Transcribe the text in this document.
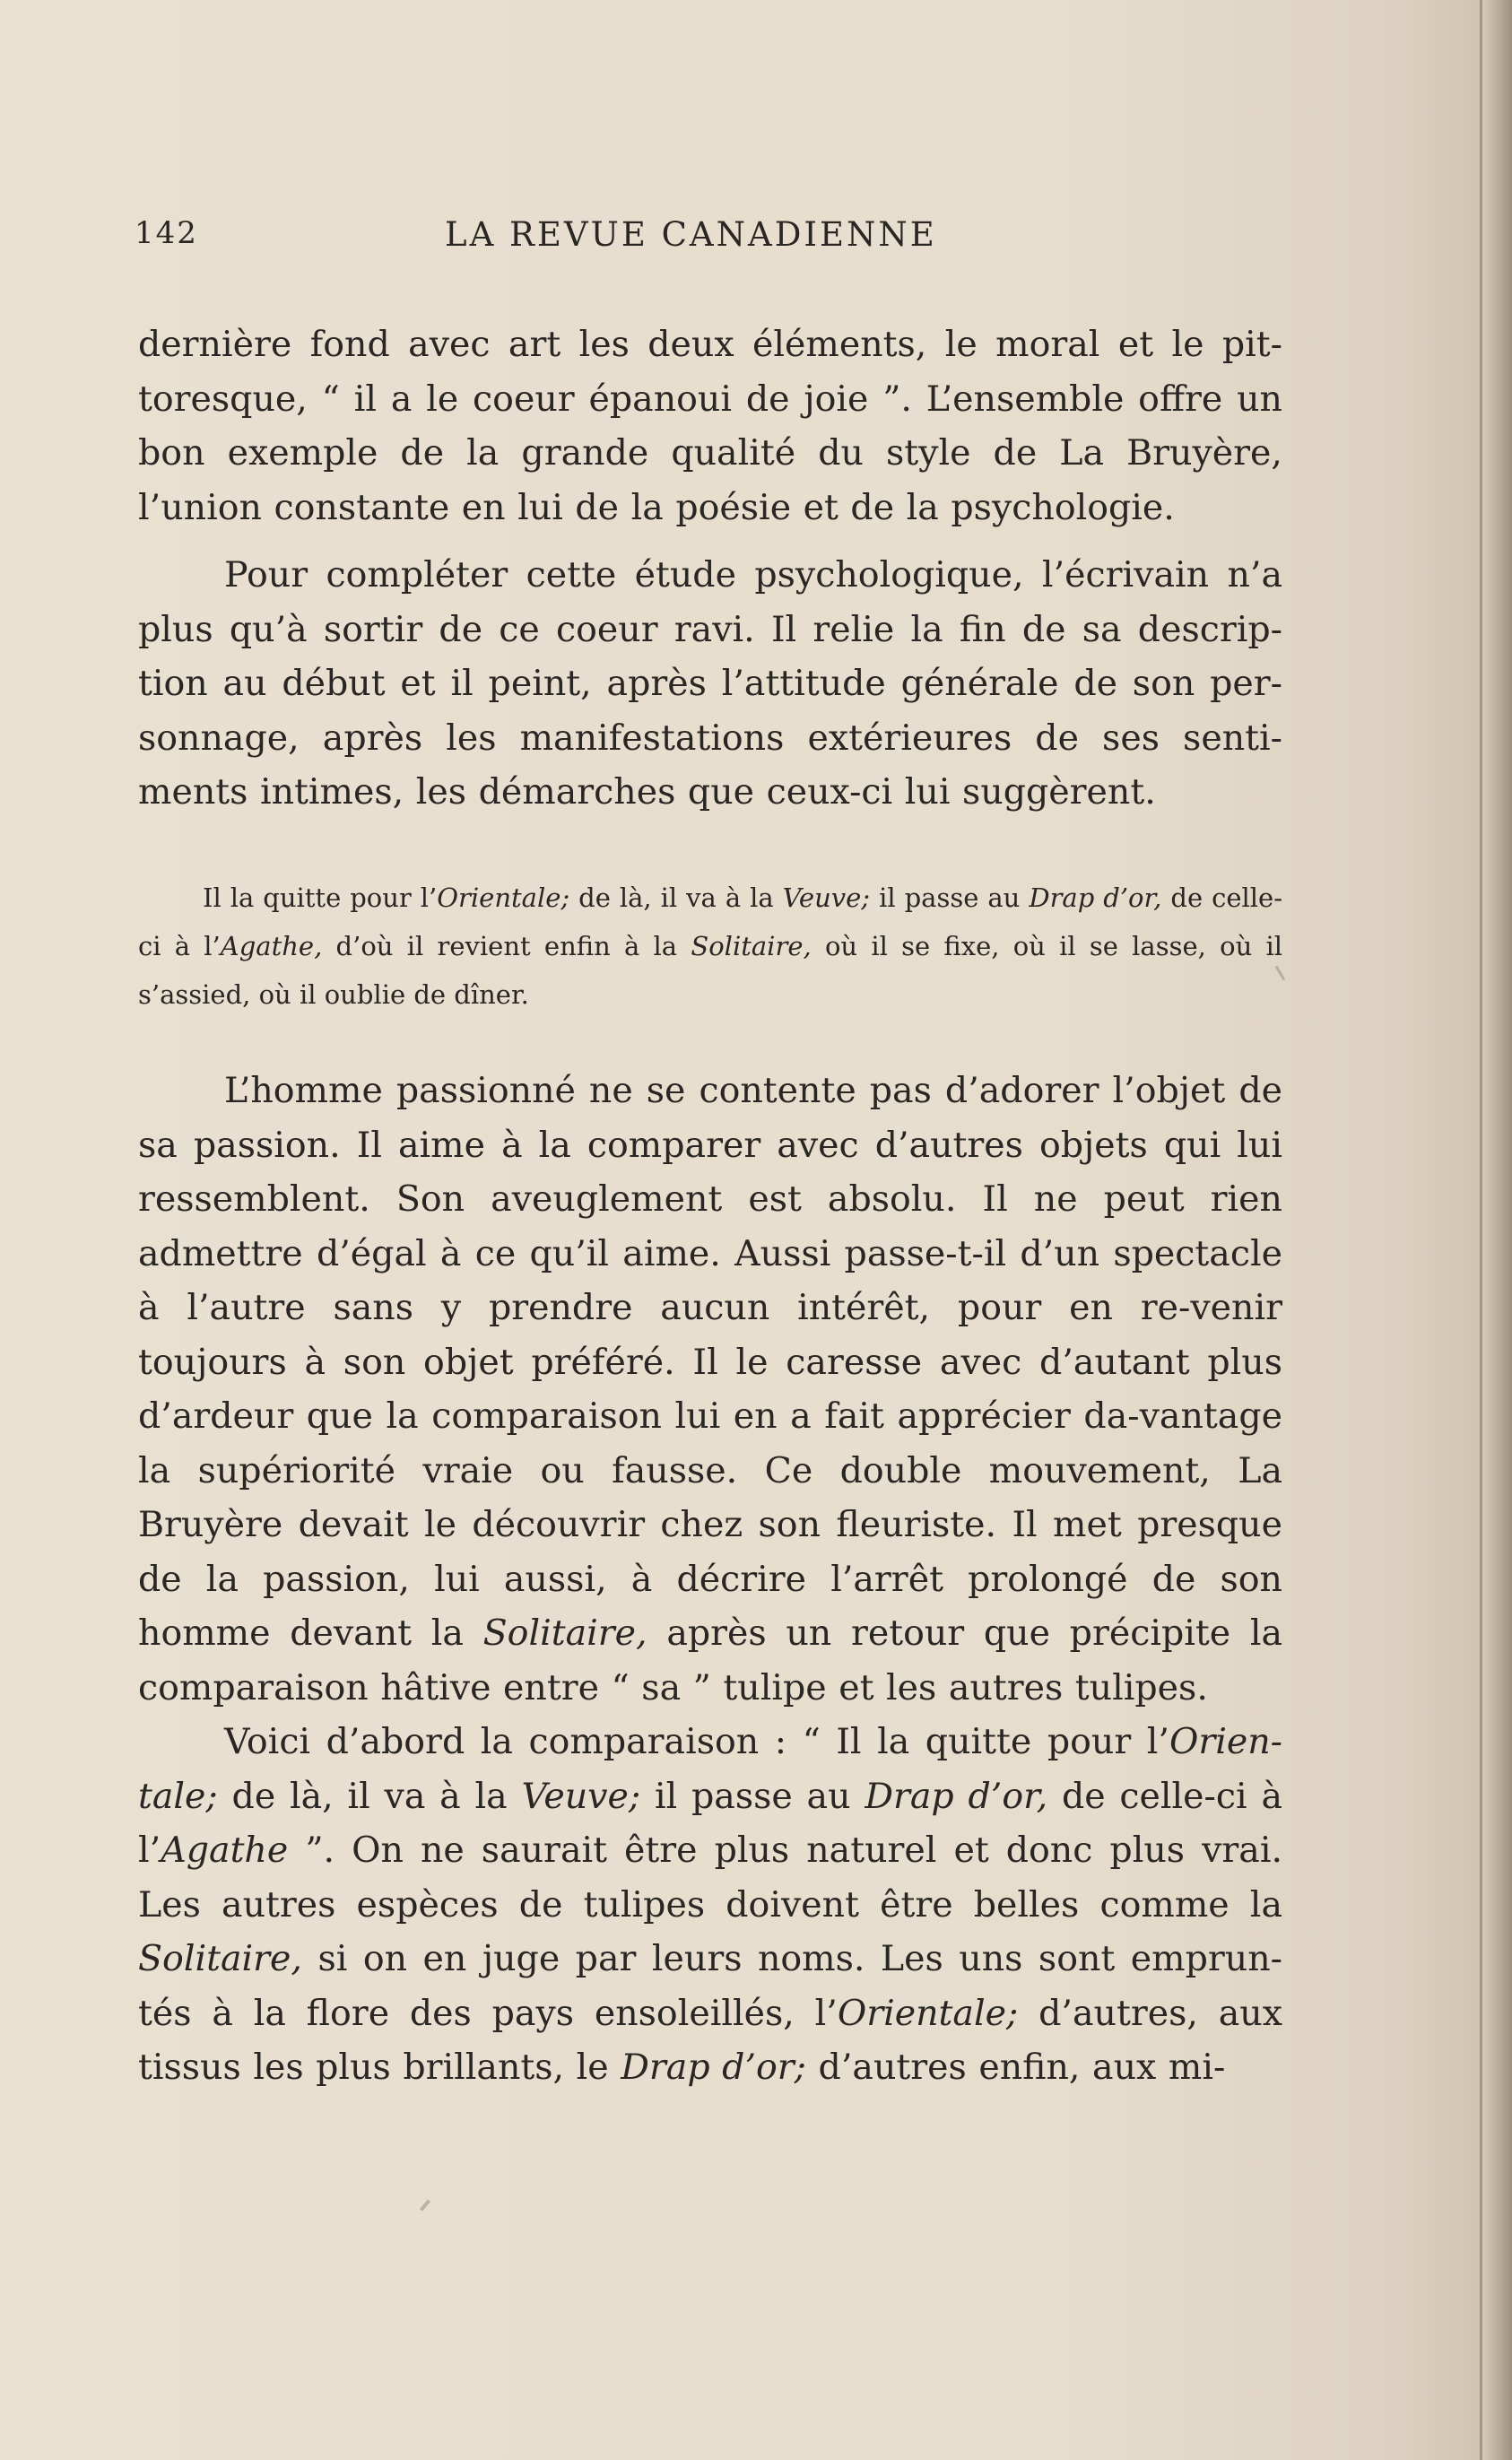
142	LA REVUE CANADIENNE
dernière fond avec art les deux éléments, le moral et le pit-toresque, “ il a le coeur épanoui de joie ”. L’ensemble offre un bon exemple de la grande qualité du style de La Bruyère, l’union constante en lui de la poésie et de la psychologie.
Pour compléter cette étude psychologique, l’écrivain n’a plus qu’à sortir de ce coeur ravi. Il relie la fin de sa descrip-tion au début et il peint, après l’attitude générale de son per-sonnage, après les manifestations extérieures de ses senti-ments intimes, les démarches que ceux-ci lui suggèrent.
Il la quitte pour l’Orientale; de là, il va à la Veuve; il passe au Drap d’or, de celle-ci à l’Agathe, d’où il revient enfin à la Solitaire, où il se fixe, où il se lasse, où il s’assied, où il oublie de dîner.
L’homme passionné ne se contente pas d’adorer l’objet de sa passion. Il aime à la comparer avec d’autres objets qui lui ressemblent. Son aveuglement est absolu. Il ne peut rien admettre d’égal à ce qu’il aime. Aussi passe-t-il d’un spectacle à l’autre sans y prendre aucun intérêt, pour en re-venir toujours à son objet préféré. Il le caresse avec d’autant plus d’ardeur que la comparaison lui en a fait apprécier da-vantage la supériorité vraie ou fausse. Ce double mouvement, La Bruyère devait le découvrir chez son fleuriste. Il met presque de la passion, lui aussi, à décrire l’arrêt prolongé de son homme devant la Solitaire, après un retour que précipite la comparaison hâtive entre “ sa ” tulipe et les autres tulipes.
Voici d’abord la comparaison : “ Il la quitte pour l’Orien-tale; de là, il va à la Veuve; il passe au Drap d’or, de celle-ci à l’Agathe ”. On ne saurait être plus naturel et donc plus vrai. Les autres espèces de tulipes doivent être belles comme la Solitaire, si on en juge par leurs noms. Les uns sont emprun-tés à la flore des pays ensoleillés, l’Orientale; d’autres, aux tissus les plus brillants, le Drap d’or; d’autres enfin, aux mi-
